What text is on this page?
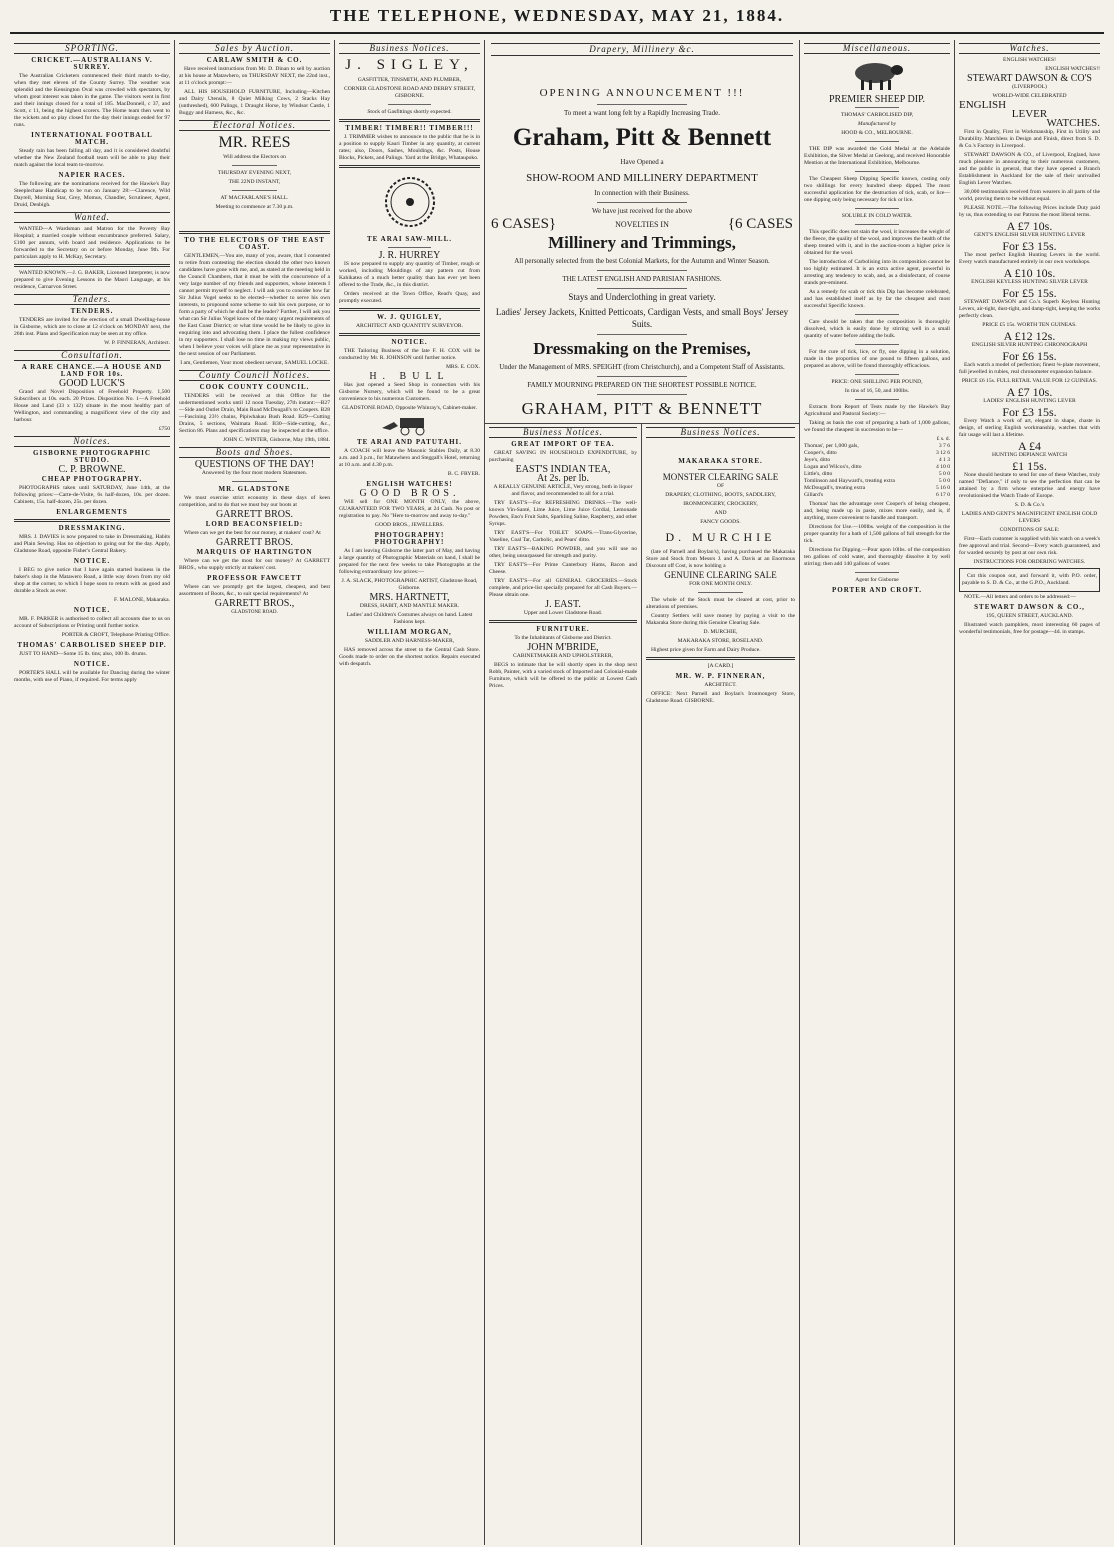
THE TELEPHONE, WEDNESDAY, MAY 21, 1884.
SPORTING.
CRICKET.—AUSTRALIANS V. SURREY.

The Australian Cricketers commenced their third match to-day, when they met eleven of the County Surrey. The weather was splendid and the Kensington Oval was crowded with spectators, by whom great interest was taken in the game. The visitors went in first and their innings closed for a total of 185. MacDonnell, c 37, and Scott, c 11, being the highest scorers. The Home team then went to the wickets and so play closed for the day their innings ended for 97 runs.

INTERNATIONAL FOOTBALL MATCH.

Steady rain has been falling all day, and it is considered doubtful whether the New Zealand football team will be able to play their match against the local team to-morrow.

NAPIER RACES.

The following are the nominations received for the Hawke's Bay Steeplechase Handicap to be run on January 28:—Clarence, Wild Dayrell, Morning Star, Grey, Momus, Chandler, Scrutineer, Agent, Druid, Denbigh.

Wanted.

WANTED—A Wardsman and Matron for the Poverty Bay Hospital; a married couple without encumbrance preferred. Salary, £100 per annum, with board and residence. Applications to be forwarded to the Secretary on or before Monday, June 9th. For particulars apply to H. McKay, Secretary.

WANTED KNOWN.—J. G. BAKER, Licensed Interpreter, is now prepared to give Evening Lessons in the Maori Language, at his residence, Carnarvon Street.

Tenders.
TENDERS.

TENDERS are invited for the erection of a small Dwelling-house in Gisborne, which are to close at 12 o'clock on MONDAY next, the 26th inst. Plans and Specification may be seen at my office.

W. P. FINNERAN, Architect.

Consultation.
A RARE CHANCE.—A HOUSE AND LAND FOR 10s.
GOOD LUCK'S

Grand and Novel Disposition of Freehold Property. 1,500 Subscribers at 10s. each. 20 Prizes. Disposition No. 1—A Freehold House and Land (33 x 132) situate in the most healthy part of Wellington, and commanding a magnificent view of the city and harbour.

£750

Notices.
GISBORNE PHOTOGRAPHIC STUDIO.
C. P. BROWNE.
CHEAP PHOTOGRAPHY.

PHOTOGRAPHS taken until SATURDAY, June 14th, at the following prices:—Carte-de-Visite, 6s half-dozen, 10s. per dozen. Cabinets, 15s. half-dozen, 25s. per dozen.

ENLARGEMENTS
DRESSMAKING.

MRS. J. DAVIES is now prepared to take in Dressmaking, Habits and Plain Sewing. Has no objection to going out for the day. Apply, Gladstone Road, opposite Fisher's Central Bakery.

NOTICE.

I BEG to give notice that I have again started business in the baker's shop in the Matawero Road, a little way down from my old shop at the corner, to which I hope soon to return with as good and durable a Stock as ever.

F. MALONE, Makaraka.

NOTICE.

MR. F. PARKER is authorised to collect all accounts due to us on account of Subscriptions or Printing until further notice.

PORTER & CROFT, Telephone Printing Office.

THOMAS' CARBOLISED SHEEP DIP.

JUST TO HAND—Some 15 lb. tins; also, 100 lb. drums.

NOTICE.

PORTER'S HALL will be available for Dancing during the winter months, with use of Piano, if required. For terms apply

Sales by Auction.
CARLAW SMITH & CO.

Have received instructions from Mr. D. Dinan to sell by auction at his house at Matawhero, on THURSDAY NEXT, the 22nd inst., at 11 o'clock prompt:—

ALL HIS HOUSEHOLD FURNITURE, Including—Kitchen and Dairy Utensils, 8 Quiet Milking Cows, 2 Stacks Hay (unthreshed), 600 Palings, 1 Draught Horse, by Windsor Castle, 1 Buggy and Harness, &c., &c.

Electoral Notices.
MR. REES

Will address the Electors on

THURSDAY EVENING NEXT,

THE 22ND INSTANT,

AT MACFARLANE'S HALL.

Meeting to commence at 7.30 p.m.

TO THE ELECTORS OF THE EAST COAST.

GENTLEMEN,—You are, many of you, aware, that I consented to retire from contesting the election should the other two known candidates have gone with me, and, as stated at the meeting held in the Council Chambers, that it must be with the concurrence of a very large number of my friends and supporters, whose interests I cannot permit myself to neglect. I will ask you to consider how far Sir Julius Vogel seeks to be elected—whether to serve his own interests, to propound some scheme to suit his own purpose, or to form a party of which he shall be the leader? Further, I will ask you what can Sir Julius Vogel know of the many urgent requirements of the East Coast District; or what time would he be likely to give in enquiring into and advocating them. I place the fullest confidence in my supporters. I shall lose no time in making my views public, when I believe your voices will place me as your representative in the next session of our Parliament.

I am, Gentlemen, Your most obedient servant, SAMUEL LOCKE.

County Council Notices.
COOK COUNTY COUNCIL.

TENDERS will be received at this Office for the undermentioned works until 12 noon Tuesday, 27th instant:—B27—Side and Outlet Drain, Main Road McDougall's to Coopers. B28—Fascining 23½ chains, Pipiwhakau Bush Road. B29—Cutting Drains, 5 sections, Waimata Road. B30—Side-cutting, &c., Section 86. Plans and specifications may be inspected at the office.

JOHN C. WINTER, Gisborne, May 19th, 1884.

Boots and Shoes.
QUESTIONS OF THE DAY!

Answered by the four most modern Statesmen.

MR. GLADSTONE

We must exercise strict economy in these days of keen competition, and to do that we must buy our boots at

GARRETT BROS.
LORD BEACONSFIELD:

Where can we get the best for our money, at makers' cost? At

GARRETT BROS.
MARQUIS OF HARTINGTON

Where can we get the most for our money? At GARRETT BROS., who supply strictly at makers' cost.

PROFESSOR FAWCETT

Where can we promptly get the largest, cheapest, and best assortment of Boots, &c., to suit special requirements? At

GARRETT BROS.,

GLADSTONE ROAD.

Business Notices.
J. SIGLEY,

GASFITTER, TINSMITH, AND PLUMBER,

CORNER GLADSTONE ROAD AND DERBY STREET, GISBORNE.

Stock of Gasfittings shortly expected.

TIMBER! TIMBER!! TIMBER!!!

J. TRIMMER wishes to announce to the public that he is in a position to supply Kauri Timber in any quantity, at current rates; also, Doors, Sashes, Mouldings, &c. Posts, House Blocks, Pickets, and Palings. Yard at the Bridge, Whataupoko.

TE ARAI SAW-MILL.
J. R. HURREY

IS now prepared to supply any quantity of Timber, rough or worked, including Mouldings of any pattern cut from Kahikatea of a much better quality than has ever yet been offered to the Trade, &c., in this district.

Orders received at the Town Office, Read's Quay, and promptly executed.

W. J. QUIGLEY,

ARCHITECT AND QUANTITY SURVEYOR.

NOTICE.

THE Tailoring Business of the late F. H. COX will be conducted by Mr. R. JOHNSON until further notice.

MRS. E. COX.

H. BULL

Has just opened a Seed Shop in connection with his Gisborne Nursery, which will be found to be a great convenience to his numerous Customers.

GLADSTONE ROAD, Opposite Whinray's, Cabinet-maker.

TE ARAI AND PATUTAHI.

A COACH will leave the Masonic Stables Daily, at 8.30 a.m. and 3 p.m., for Matawhero and Steggall's Hotel, returning at 10 a.m. and 4.30 p.m.

B. C. FRYER.

ENGLISH WATCHES!
GOOD BROS.

Will sell for ONE MONTH ONLY, the above, GUARANTEED FOR TWO YEARS, at 24 Cash. No post or registration to pay. No "Here to-morrow and away to-day."

GOOD BROS., JEWELLERS.

PHOTOGRAPHY! PHOTOGRAPHY!

As I am leaving Gisborne the latter part of May, and having a large quantity of Photographic Materials on hand, I shall be prepared for the next few weeks to take Photographs at the following extraordinary low prices:—

J. A. SLACK, PHOTOGRAPHIC ARTIST, Gladstone Road, Gisborne.

MRS. HARTNETT,

DRESS, HABIT, AND MANTLE MAKER.

Ladies' and Children's Costumes always on hand. Latest Fashions kept.

WILLIAM MORGAN,

SADDLER AND HARNESS-MAKER,

HAS removed across the street to the Central Cash Store. Goods made to order on the shortest notice. Repairs executed with despatch.

Drapery, Millinery &c.
OPENING ANNOUNCEMENT !!!
To meet a want long felt by a Rapidly Increasing Trade.
Graham, Pitt & Bennett
Have Opened a
SHOW-ROOM AND MILLINERY DEPARTMENT
In connection with their Business.
We have just received for the above
6 CASES}	NOVELTIES IN	{6 CASES
Millinery and Trimmings,
All personally selected from the best Colonial Markets, for the Autumn and Winter Season.
THE LATEST ENGLISH AND PARISIAN FASHIONS.
Stays and Underclothing in great variety.
Ladies' Jersey Jackets, Knitted Petticoats, Cardigan Vests, and small Boys' Jersey Suits.
Dressmaking on the Premises,
Under the Management of MRS. SPEIGHT (from Christchurch), and a Competent Staff of Assistants.
FAMILY MOURNING PREPARED ON THE SHORTEST POSSIBLE NOTICE.
GRAHAM, PITT & BENNETT
Business Notices.
GREAT IMPORT OF TEA.

GREAT SAVING IN HOUSEHOLD EXPENDITURE, by purchasing

EAST'S INDIAN TEA,
At 2s. per lb.

A REALLY GENUINE ARTICLE, Very strong, both in liquor and flavor, and recommended to all for a trial.

TRY EAST'S—For REFRESHING DRINKS.—The well-known Vin-Santé, Lime Juice, Lime Juice Cordial, Lemonade Powders, Eno's Fruit Salts, Sparkling Saline, Raspberry, and other Syrups.

TRY EAST'S—For TOILET SOAPS.—Trans-Glycerine, Vaseline, Coal Tar, Carbolic, and Pears' ditto.

TRY EAST'S—BAKING POWDER, and you will use no other, being unsurpassed for strength and purity.

TRY EAST'S—For Prime Canterbury Hams, Bacon and Cheese.

TRY EAST'S—For all GENERAL GROCERIES.—Stock complete, and price-list specially prepared for all Cash Buyers.—Please obtain one.

J. EAST.

Upper and Lower Gladstone Road.

FURNITURE.

To the Inhabitants of Gisborne and District.

JOHN M'BRIDE,

CABINETMAKER AND UPHOLSTERER,

BEGS to intimate that he will shortly open in the shop next Robb, Painter, with a varied stock of Imported and Colonial-made Furniture, which will be offered to the public at Lowest Cash Prices.

Business Notices.
MAKARAKA STORE.
MONSTER CLEARING SALE

OF

DRAPERY, CLOTHING, BOOTS, SADDLERY,

IRONMONGERY, CROCKERY,

AND

FANCY GOODS.

D. MURCHIE

(late of Parnell and Boylan's), having purchased the Makaraka Store and Stock from Messrs J. and A. Davis at an Enormous Discount off Cost, is now holding a

GENUINE CLEARING SALE

FOR ONE MONTH ONLY.

The whole of the Stock must be cleared at cost, prior to alterations of premises.

Country Settlers will save money by paying a visit to the Makaraka Store during this Genuine Clearing Sale.

D. MURCHIE,

MAKARAKA STORE, ROSELAND.

Highest price given for Farm and Dairy Produce.

[A CARD.]

MR. W. P. FINNERAN,

ARCHITECT.

OFFICE: Next Parnell and Boylan's Ironmongery Store, Gladstone Road. GISBORNE.

Miscellaneous.
PREMIER SHEEP DIP.

THOMAS' CARBOLISED DIP,

Manufactured by

HOOD & CO., MELBOURNE.

THE DIP was awarded the Gold Medal at the Adelaide Exhibition, the Silver Medal at Geelong, and received Honorable Mention at the International Exhibition, Melbourne.

The Cheapest Sheep Dipping Specific known, costing only two shillings for every hundred sheep dipped. The most successful application for the destruction of tick, scab, or lice—one dipping only being necessary for tick or lice.

SOLUBLE IN COLD WATER.

This specific does not stain the wool, it increases the weight of the fleece, the quality of the wool, and improves the health of the sheep treated with it, and in the auction-room a higher price is obtained for the wool.

The introduction of Carbolising into its composition cannot be too highly estimated. It is an extra active agent, powerful in arresting any tendency to scab, and, as a disinfectant, of course stands pre-eminent.

As a remedy for scab or tick this Dip has become celebrated, and has established itself as by far the cheapest and most successful Specific known.

Care should be taken that the composition is thoroughly dissolved, which is easily done by stirring well in a small quantity of water before adding the bulk.

For the cure of tick, lice, or fly, one dipping in a solution, made in the proportion of one pound to fifteen gallons, and prepared as above, will be found thoroughly efficacious.

PRICE: ONE SHILLING PER POUND,

In tins of 16, 50, and 100lbs.

Extracts from Report of Tests made by the Hawke's Bay Agricultural and Pastoral Society:—

Taking as basis the cost of preparing a bath of 1,000 gallons, we found the cheapest in succession to be—

£ s. d.
Thomas', per 1,000 gals,	3 7 6
Cooper's, ditto	3 12 6
Jeye's, ditto	4 1 3
Logan and Wilcox's, ditto	4 10 0
Little's, ditto	5 0 0
Tomlinson and Hayward's, treating extra	5 0 0
McDougall's, treating extra	5 16 0
Gillard's	6 17 0

Thomas' has the advantage over Cooper's of being cheapest, and, being made up in paste, mixes more easily, and is, if anything, more convenient to handle and transport.

Directions for Use.—100lbs. weight of the composition is the proper quantity for a bath of 1,500 gallons of full strength for the tick.

Directions for Dipping.—Pour upon 10lbs. of the composition ten gallons of cold water, and thoroughly dissolve it by well stirring; then add 140 gallons of water.

Agent for Gisborne

PORTER AND CROFT.
Watches.

ENGLISH WATCHES!

ENGLISH WATCHES!!

STEWART DAWSON & CO'S

(LIVERPOOL)

WORLD-WIDE CELEBRATED

ENGLISH
LEVER
WATCHES.

First in Quality, First in Workmanship, First in Utility and Durability. Matchless in Design and Finish, direct from S. D. & Co.'s Factory in Liverpool.

STEWART DAWSON & CO., of Liverpool, England, have much pleasure in announcing to their numerous customers, and the public in general, that they have opened a Branch Establishment in Auckland for the sale of their unrivalled English Lever Watches.

30,000 testimonials received from wearers in all parts of the world, proving them to be without equal.

PLEASE NOTE.—The following Prices include Duty paid by us, thus extending to our Patrons the most liberal terms.

A £7 10s.

GENT'S ENGLISH SILVER HUNTING LEVER

For £3 15s.

The most perfect English Hunting Levers in the world. Every watch manufactured entirely in our own workshops.

A £10 10s.

ENGLISH KEYLESS HUNTING SILVER LEVER

For £5 15s.

STEWART DAWSON and Co.'s Superb Keyless Hunting Levers, air-tight, dust-tight, and damp-tight, keeping the works perfectly clean.

PRICE £5 15s. WORTH TEN GUINEAS.

A £12 12s.

ENGLISH SILVER HUNTING CHRONOGRAPH

For £6 15s.

Each watch a model of perfection; finest ¾-plate movement, full jewelled in rubies, real chronometer expansion balance.

PRICE £6 15s. FULL RETAIL VALUE FOR 12 GUINEAS.

A £7 10s.

LADIES' ENGLISH HUNTING LEVER

For £3 15s.

Every Watch a work of art, elegant in shape, chaste in design, of sterling English workmanship, watches that with fair usage will last a lifetime.

A £4

HUNTING DEPIANCE WATCH

£1 15s.

None should hesitate to send for one of these Watches, truly named "Defiance," if only to see the perfection that can be attained by a firm whose enterprise and energy have revolutionised the Watch Trade of Europe.

S. D. & Co.'s

LADIES AND GENT'S MAGNIFICENT ENGLISH GOLD LEVERS

CONDITIONS OF SALE:

First—Each customer is supplied with his watch on a week's free approval and trial. Second—Every watch guaranteed, and for warded securely by post at our own risk.

INSTRUCTIONS FOR ORDERING WATCHES.

Cut this coupon out, and forward it, with P.O. order, payable to S. D. & Co., at the G.P.O., Auckland.

NOTE.—All letters and orders to be addressed:—

STEWART DAWSON & CO.,

195, QUEEN STREET, AUCKLAND.

Illustrated watch pamphlets, most interesting 60 pages of wonderful testimonials, free for postage—4d. in stamps.
